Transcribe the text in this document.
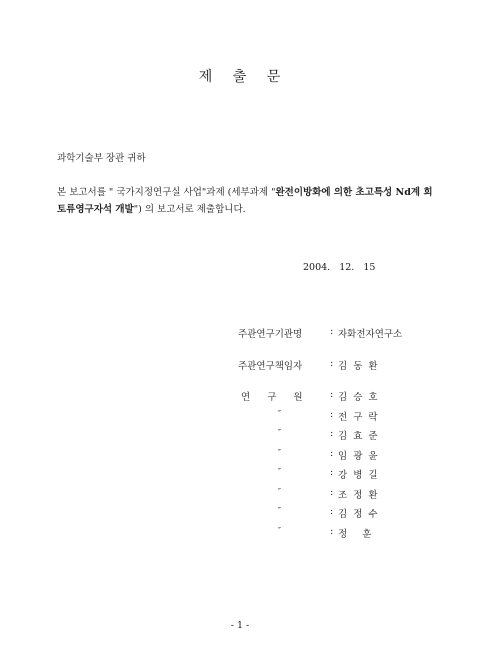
제 출 문
과학기술부 장관 귀하
본 보고서를 " 국가지정연구실 사업"과제 (세부과제 "완전이방화에 의한 초고특성 Nd계 희토류영구자석 개발") 의 보고서로 제출합니다.
2004. 12. 15
주관연구기관명	: 자화전자연구소
주관연구책임자	: 김 동 환
연 구 원	: 김 승 호
″	: 전 구 락
″	: 김 효 준
″	: 임 광 윤
″	: 강 병 길
″	: 조 정 환
″	: 김 정 수
″	: 정 훈
- 1 -
